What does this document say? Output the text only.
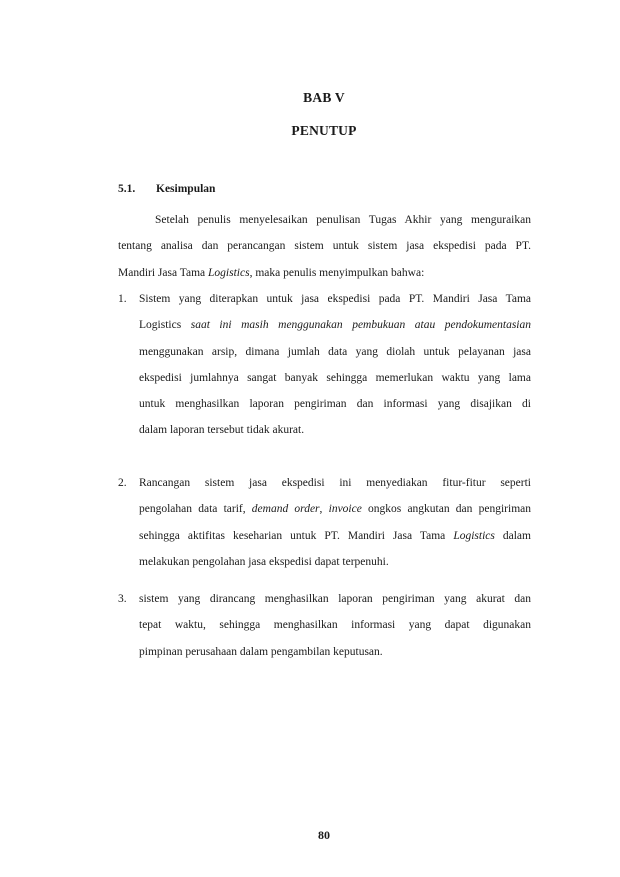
BAB V
PENUTUP
5.1. Kesimpulan
Setelah penulis menyelesaikan penulisan Tugas Akhir yang menguraikan
tentang analisa dan perancangan sistem untuk sistem jasa ekspedisi pada PT.
Mandiri Jasa Tama Logistics, maka penulis menyimpulkan bahwa:
1. Sistem yang diterapkan untuk jasa ekspedisi pada PT. Mandiri Jasa Tama
Logistics saat ini masih menggunakan pembukuan atau pendokumentasian
menggunakan arsip, dimana jumlah data yang diolah untuk pelayanan jasa
ekspedisi jumlahnya sangat banyak sehingga memerlukan waktu yang lama
untuk menghasilkan laporan pengiriman dan informasi yang disajikan di
dalam laporan tersebut tidak akurat.
2. Rancangan sistem jasa ekspedisi ini menyediakan fitur-fitur seperti
pengolahan data tarif, demand order, invoice ongkos angkutan dan pengiriman
sehingga aktifitas keseharian untuk PT. Mandiri Jasa Tama Logistics dalam
melakukan pengolahan jasa ekspedisi dapat terpenuhi.
3. sistem yang dirancang menghasilkan laporan pengiriman yang akurat dan
tepat waktu, sehingga menghasilkan informasi yang dapat digunakan
pimpinan perusahaan dalam pengambilan keputusan.
80
